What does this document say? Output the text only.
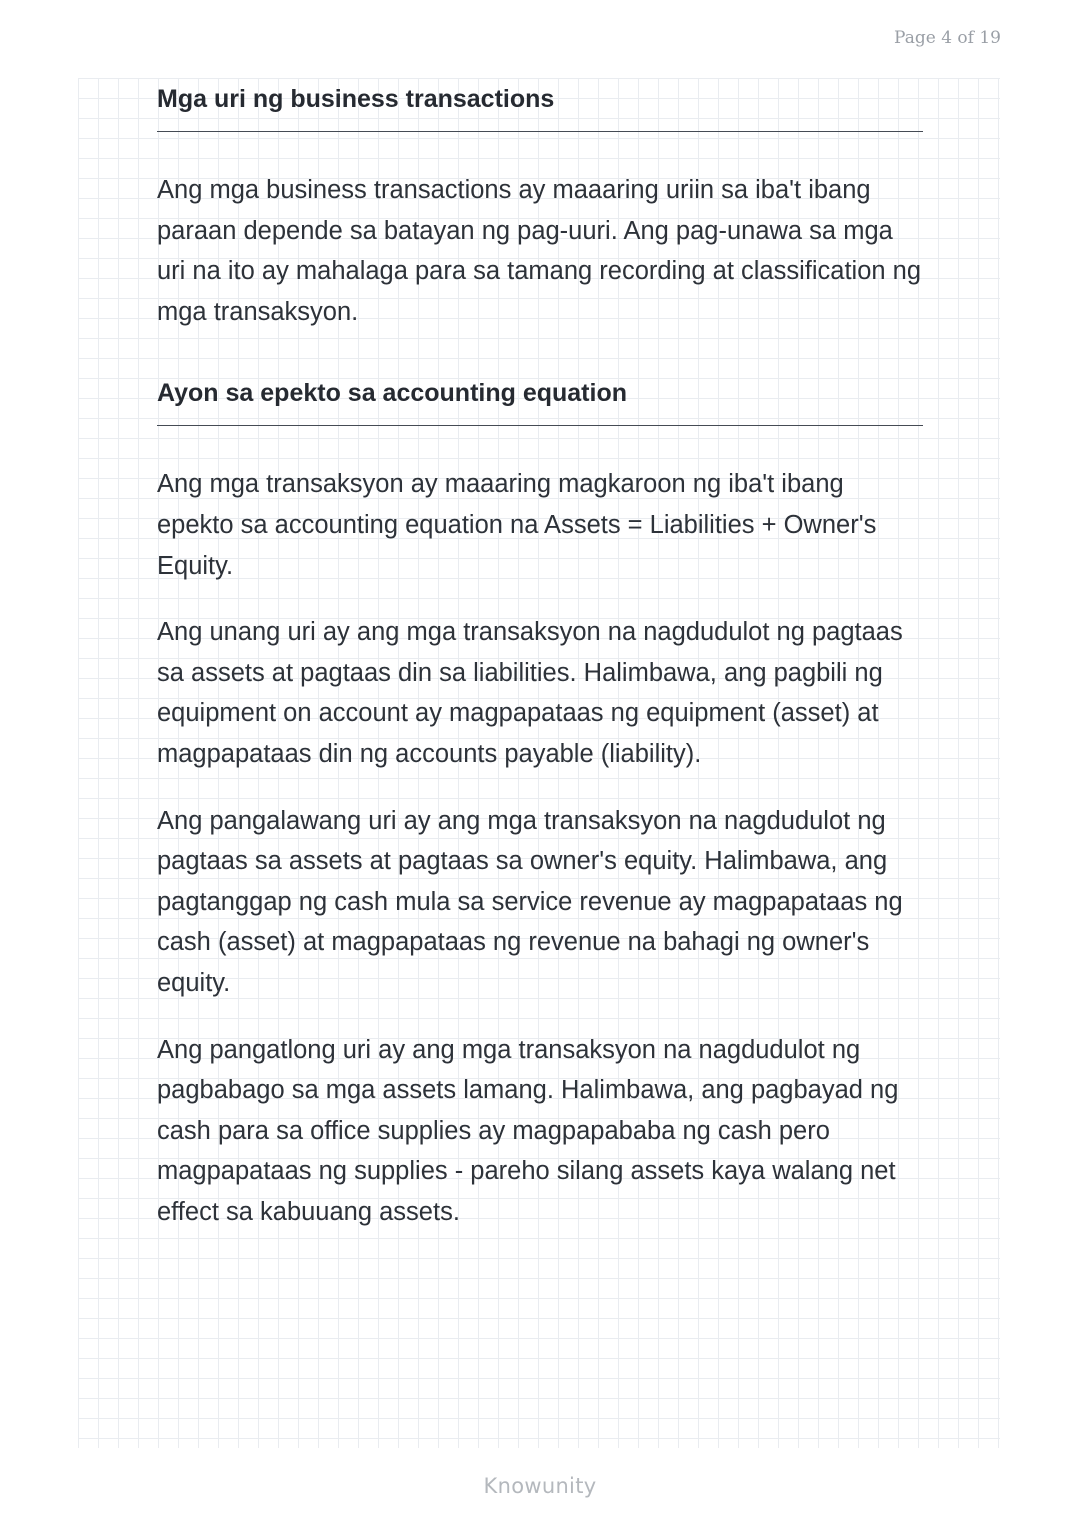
Page 4 of 19
Mga uri ng business transactions

Ang mga business transactions ay maaaring uriin sa iba't ibang paraan depende sa batayan ng pag-uuri. Ang pag-unawa sa mga uri na ito ay mahalaga para sa tamang recording at classification ng mga transaksyon.

Ayon sa epekto sa accounting equation

Ang mga transaksyon ay maaaring magkaroon ng iba't ibang epekto sa accounting equation na Assets = Liabilities + Owner's Equity.

Ang unang uri ay ang mga transaksyon na nagdudulot ng pagtaas sa assets at pagtaas din sa liabilities. Halimbawa, ang pagbili ng equipment on account ay magpapataas ng equipment (asset) at magpapataas din ng accounts payable (liability).

Ang pangalawang uri ay ang mga transaksyon na nagdudulot ng pagtaas sa assets at pagtaas sa owner's equity. Halimbawa, ang pagtanggap ng cash mula sa service revenue ay magpapataas ng cash (asset) at magpapataas ng revenue na bahagi ng owner's equity.

Ang pangatlong uri ay ang mga transaksyon na nagdudulot ng pagbabago sa mga assets lamang. Halimbawa, ang pagbayad ng cash para sa office supplies ay magpapababa ng cash pero magpapataas ng supplies - pareho silang assets kaya walang net effect sa kabuuang assets.

Knowunity
